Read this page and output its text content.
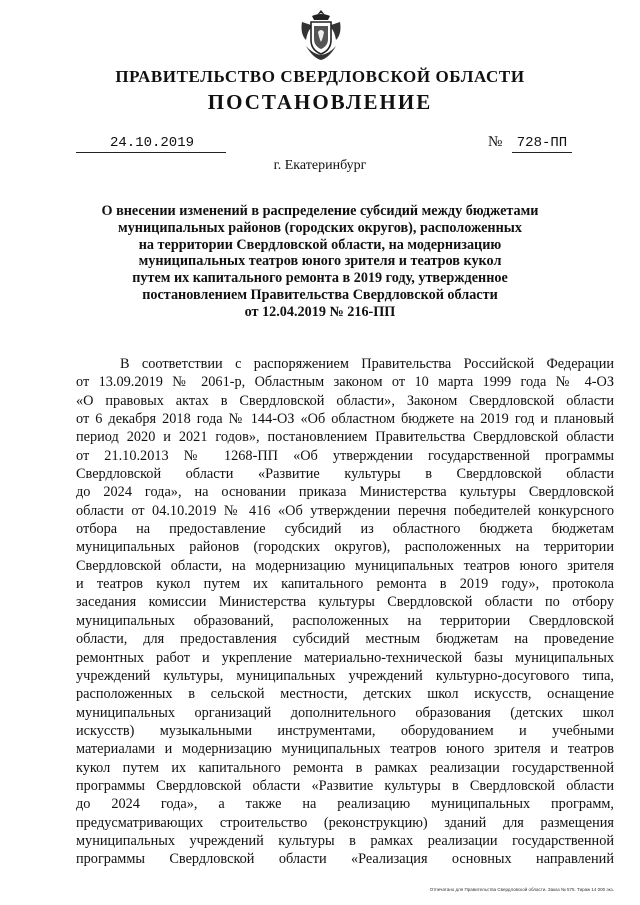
ПРАВИТЕЛЬСТВО СВЕРДЛОВСКОЙ ОБЛАСТИ
ПОСТАНОВЛЕНИЕ
24.10.2019	№	728-ПП
г. Екатеринбург
О внесении изменений в распределение субсидий между бюджетами
муниципальных районов (городских округов), расположенных
на территории Свердловской области, на модернизацию
муниципальных театров юного зрителя и театров кукол
путем их капитального ремонта в 2019 году, утвержденное
постановлением Правительства Свердловской области
от 12.04.2019 № 216-ПП
В соответствии с распоряжением Правительства Российской Федерации
от 13.09.2019 № 2061-р, Областным законом от 10 марта 1999 года № 4-ОЗ
«О правовых актах в Свердловской области», Законом Свердловской области
от 6 декабря 2018 года № 144-ОЗ «Об областном бюджете на 2019 год и плановый
период 2020 и 2021 годов», постановлением Правительства Свердловской области
от 21.10.2013 № 1268-ПП «Об утверждении государственной программы
Свердловской области «Развитие культуры в Свердловской области
до 2024 года», на основании приказа Министерства культуры Свердловской
области от 04.10.2019 № 416 «Об утверждении перечня победителей конкурсного
отбора на предоставление субсидий из областного бюджета бюджетам
муниципальных районов (городских округов), расположенных на территории
Свердловской области, на модернизацию муниципальных театров юного зрителя
и театров кукол путем их капитального ремонта в 2019 году», протокола
заседания комиссии Министерства культуры Свердловской области по отбору
муниципальных образований, расположенных на территории Свердловской
области, для предоставления субсидий местным бюджетам на проведение
ремонтных работ и укрепление материально-технической базы муниципальных
учреждений культуры, муниципальных учреждений культурно-досугового типа,
расположенных в сельской местности, детских школ искусств, оснащение
муниципальных организаций дополнительного образования (детских школ
искусств) музыкальными инструментами, оборудованием и учебными
материалами и модернизацию муниципальных театров юного зрителя и театров
кукол путем их капитального ремонта в рамках реализации государственной
программы Свердловской области «Развитие культуры в Свердловской области
до 2024 года», а также на реализацию муниципальных программ,
предусматривающих строительство (реконструкцию) зданий для размещения
муниципальных учреждений культуры в рамках реализации государственной
программы Свердловской области «Реализация основных направлений
Отпечатано для Правительства Свердловской области. Заказ № 575. Тираж 14 000 экз.
